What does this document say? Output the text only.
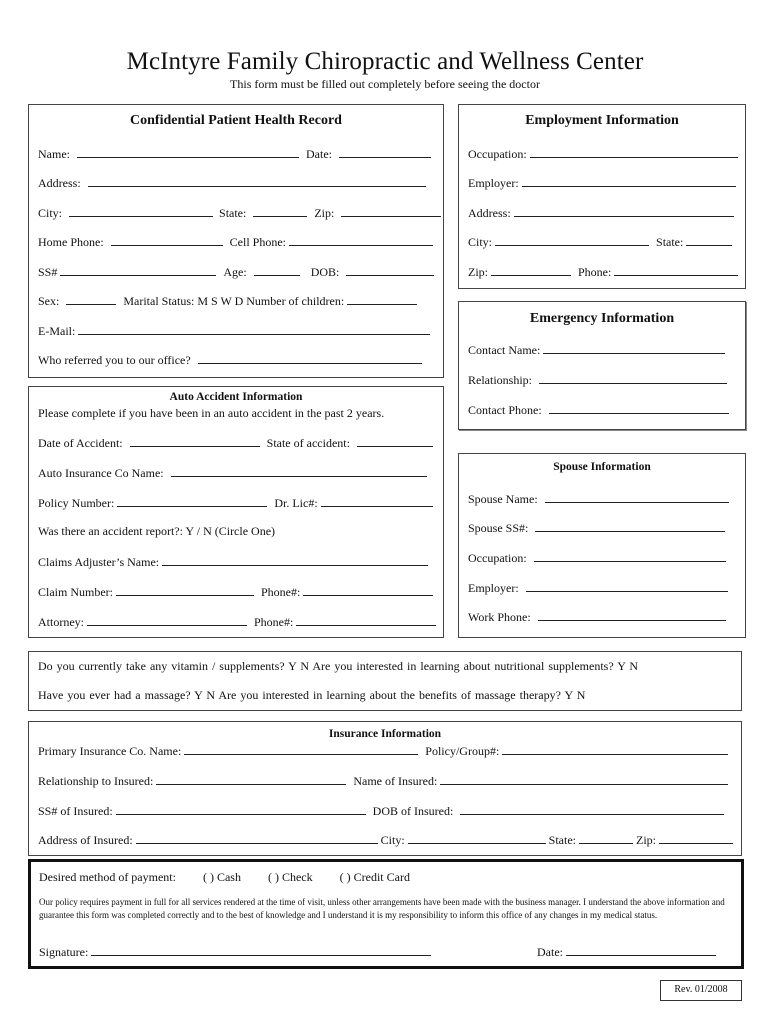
McIntyre Family Chiropractic and Wellness Center
This form must be filled out completely before seeing the doctor
Confidential Patient Health Record
Name:	Date:
Address:
City:	State:	Zip:
Home Phone:	Cell Phone:
SS#	Age:	DOB:
Sex:	Marital Status: M S W D Number of children:
E-Mail:
Who referred you to our office?
Employment Information
Occupation:
Employer:
Address:
City:	State:
Zip:	Phone:
Emergency Information
Contact Name:
Relationship:
Contact Phone:
Auto Accident Information
Please complete if you have been in an auto accident in the past 2 years.
Date of Accident:	State of accident:
Auto Insurance Co Name:
Policy Number:	Dr. Lic#:
Was there an accident report?: Y / N (Circle One)
Claims Adjuster’s Name:
Claim Number:	Phone#:
Attorney:	Phone#:
Spouse Information
Spouse Name:
Spouse SS#:
Occupation:
Employer:
Work Phone:
Do you currently take any vitamin / supplements? Y N Are you interested in learning about nutritional supplements? Y N
Have you ever had a massage? Y N Are you interested in learning about the benefits of massage therapy? Y N
Insurance Information
Primary Insurance Co. Name:	Policy/Group#:
Relationship to Insured:	Name of Insured:
SS# of Insured:	DOB of Insured:
Address of Insured:	City:	State:	Zip:
Desired method of payment: ( ) Cash ( ) Check ( ) Credit Card
Our policy requires payment in full for all services rendered at the time of visit, unless other arrangements have been made with the business manager. I understand the above information and guarantee this form was completed correctly and to the best of knowledge and I understand it is my responsibility to inform this office of any changes in my medical status.
Signature:	Date:
Rev. 01/2008
